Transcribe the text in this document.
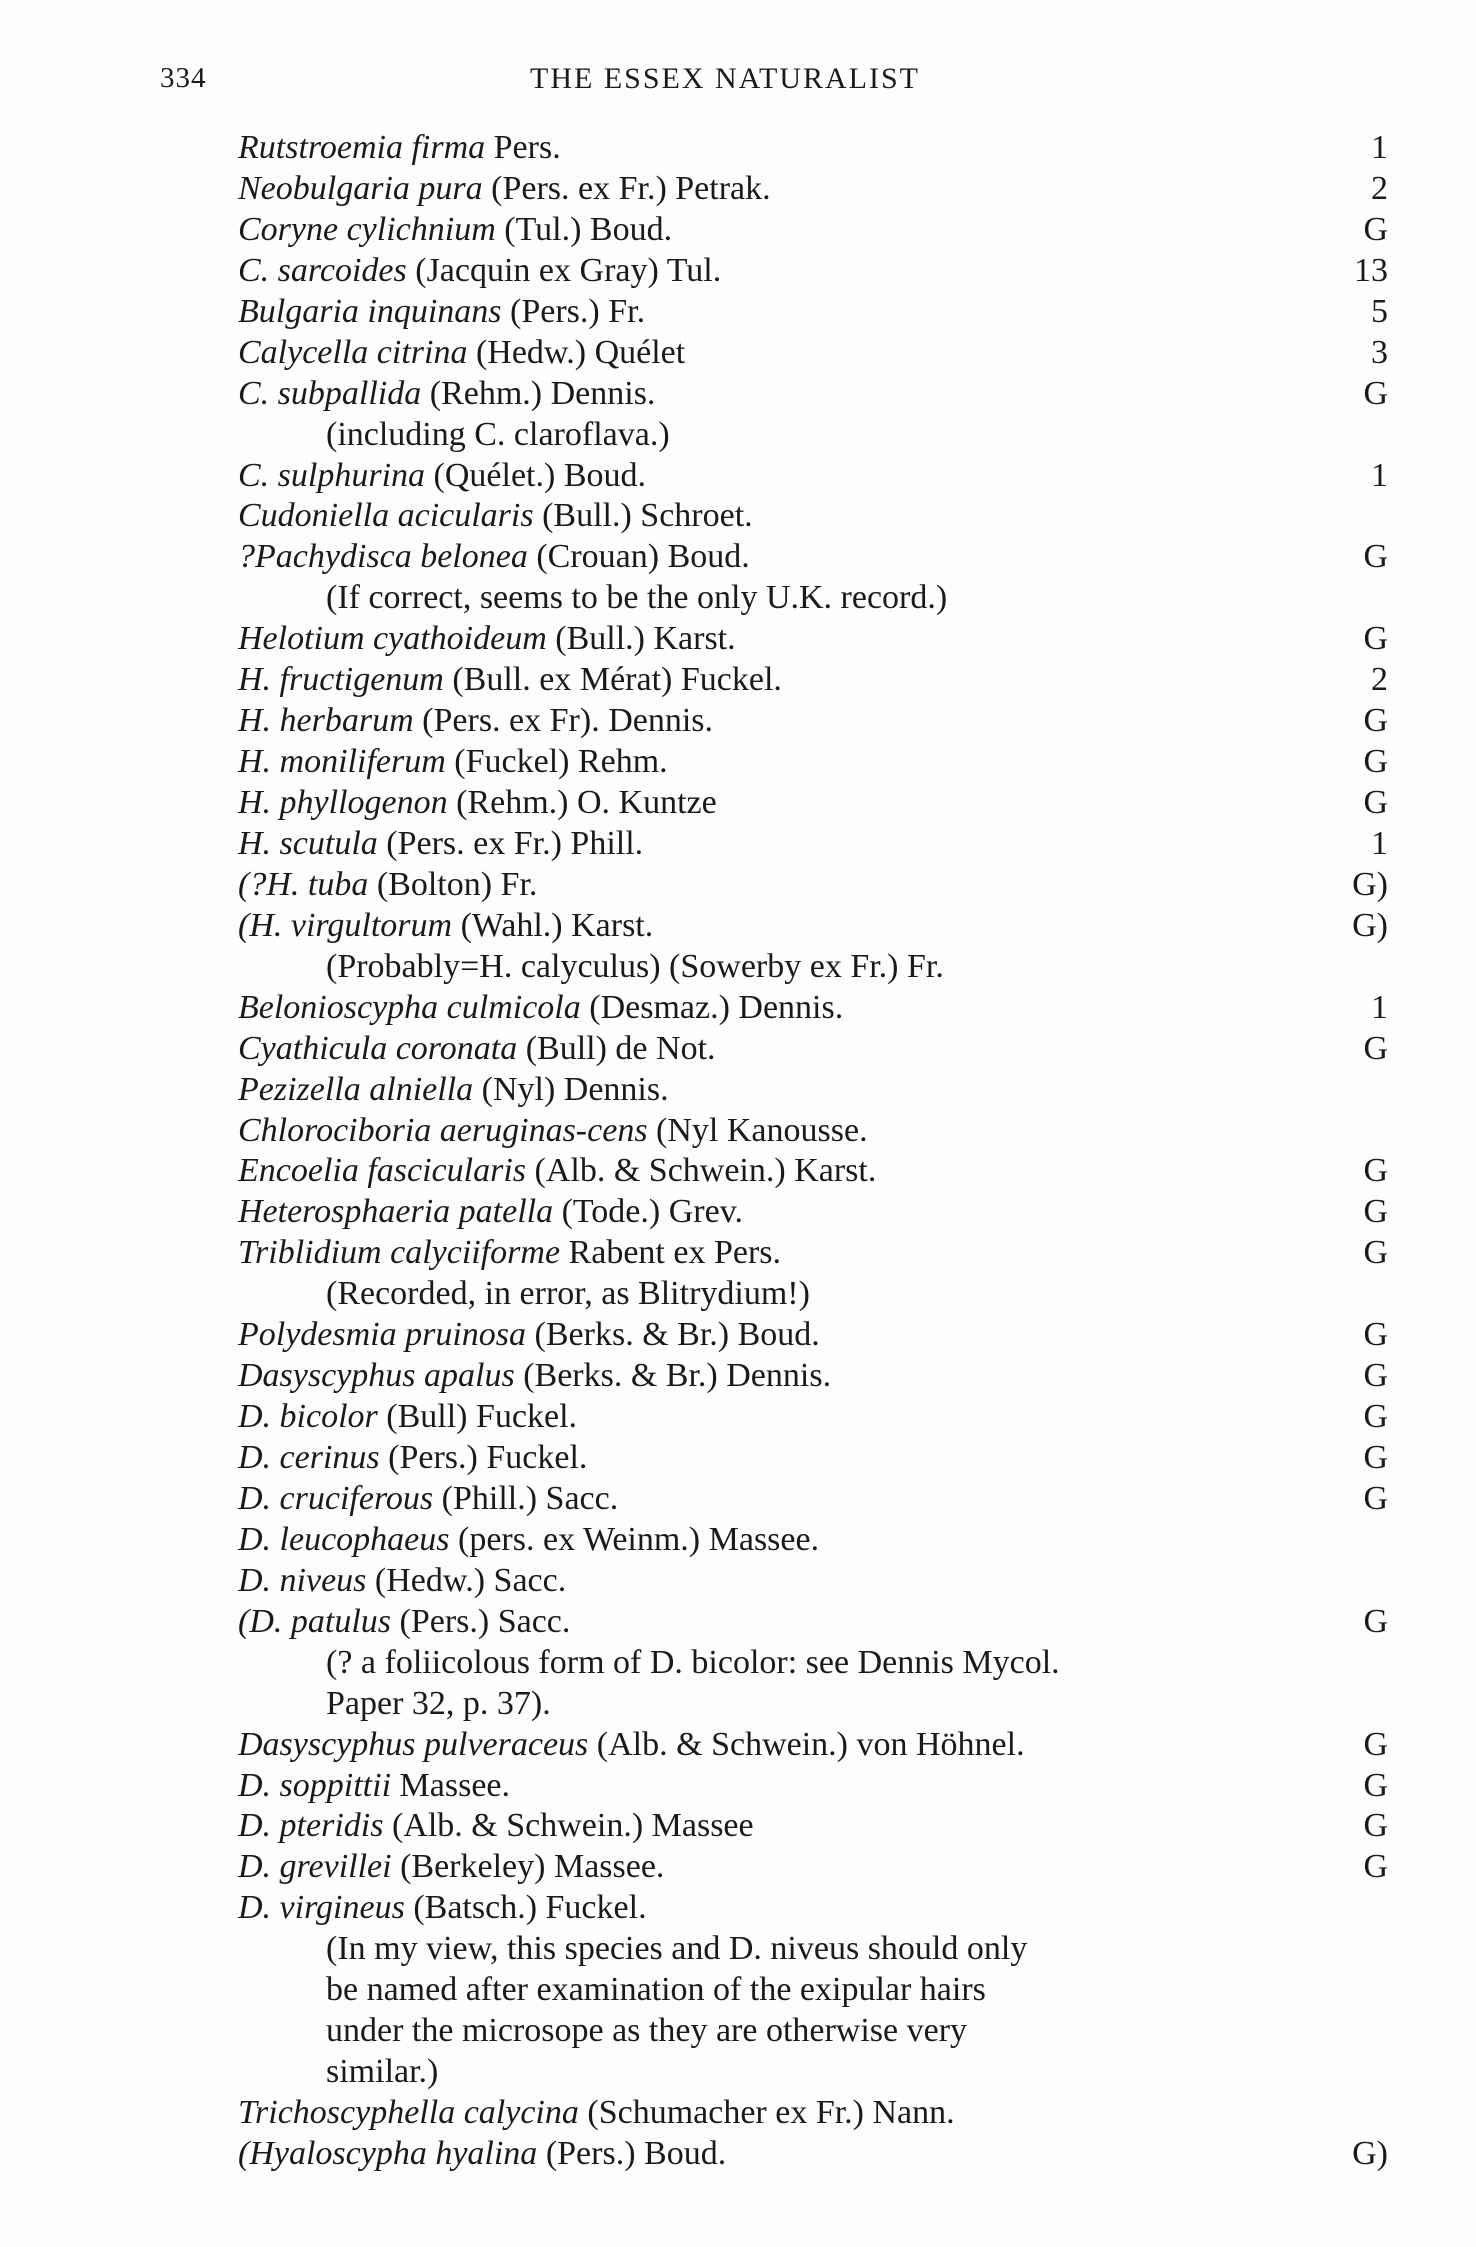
334	THE ESSEX NATURALIST
Rutstroemia firma Pers.	1
Neobulgaria pura (Pers. ex Fr.) Petrak.	2
Coryne cylichnium (Tul.) Boud.	G
C. sarcoides (Jacquin ex Gray) Tul.	13
Bulgaria inquinans (Pers.) Fr.	5
Calycella citrina (Hedw.) Quélet	3
C. subpallida (Rehm.) Dennis.	G
(including C. claroflava.)
C. sulphurina (Quélet.) Boud.	1
Cudoniella acicularis (Bull.) Schroet.
?Pachydisca belonea (Crouan) Boud.	G
(If correct, seems to be the only U.K. record.)
Helotium cyathoideum (Bull.) Karst.	G
H. fructigenum (Bull. ex Mérat) Fuckel.	2
H. herbarum (Pers. ex Fr). Dennis.	G
H. moniliferum (Fuckel) Rehm.	G
H. phyllogenon (Rehm.) O. Kuntze	G
H. scutula (Pers. ex Fr.) Phill.	1
(?H. tuba (Bolton) Fr.	G)
(H. virgultorum (Wahl.) Karst.	G)
(Probably=H. calyculus) (Sowerby ex Fr.) Fr.
Belonioscypha culmicola (Desmaz.) Dennis.	1
Cyathicula coronata (Bull) de Not.	G
Pezizella alniella (Nyl) Dennis.
Chlorociboria aeruginas-cens (Nyl Kanousse.
Encoelia fascicularis (Alb. & Schwein.) Karst.	G
Heterosphaeria patella (Tode.) Grev.	G
Triblidium calyciiforme Rabent ex Pers.	G
(Recorded, in error, as Blitrydium!)
Polydesmia pruinosa (Berks. & Br.) Boud.	G
Dasyscyphus apalus (Berks. & Br.) Dennis.	G
D. bicolor (Bull) Fuckel.	G
D. cerinus (Pers.) Fuckel.	G
D. cruciferous (Phill.) Sacc.	G
D. leucophaeus (pers. ex Weinm.) Massee.
D. niveus (Hedw.) Sacc.
(D. patulus (Pers.) Sacc.	G
(? a foliicolous form of D. bicolor: see Dennis Mycol.
Paper 32, p. 37).
Dasyscyphus pulveraceus (Alb. & Schwein.) von Höhnel.	G
D. soppittii Massee.	G
D. pteridis (Alb. & Schwein.) Massee	G
D. grevillei (Berkeley) Massee.	G
D. virgineus (Batsch.) Fuckel.
(In my view, this species and D. niveus should only
be named after examination of the exipular hairs
under the microsope as they are otherwise very
similar.)
Trichoscyphella calycina (Schumacher ex Fr.) Nann.
(Hyaloscypha hyalina (Pers.) Boud.	G)
